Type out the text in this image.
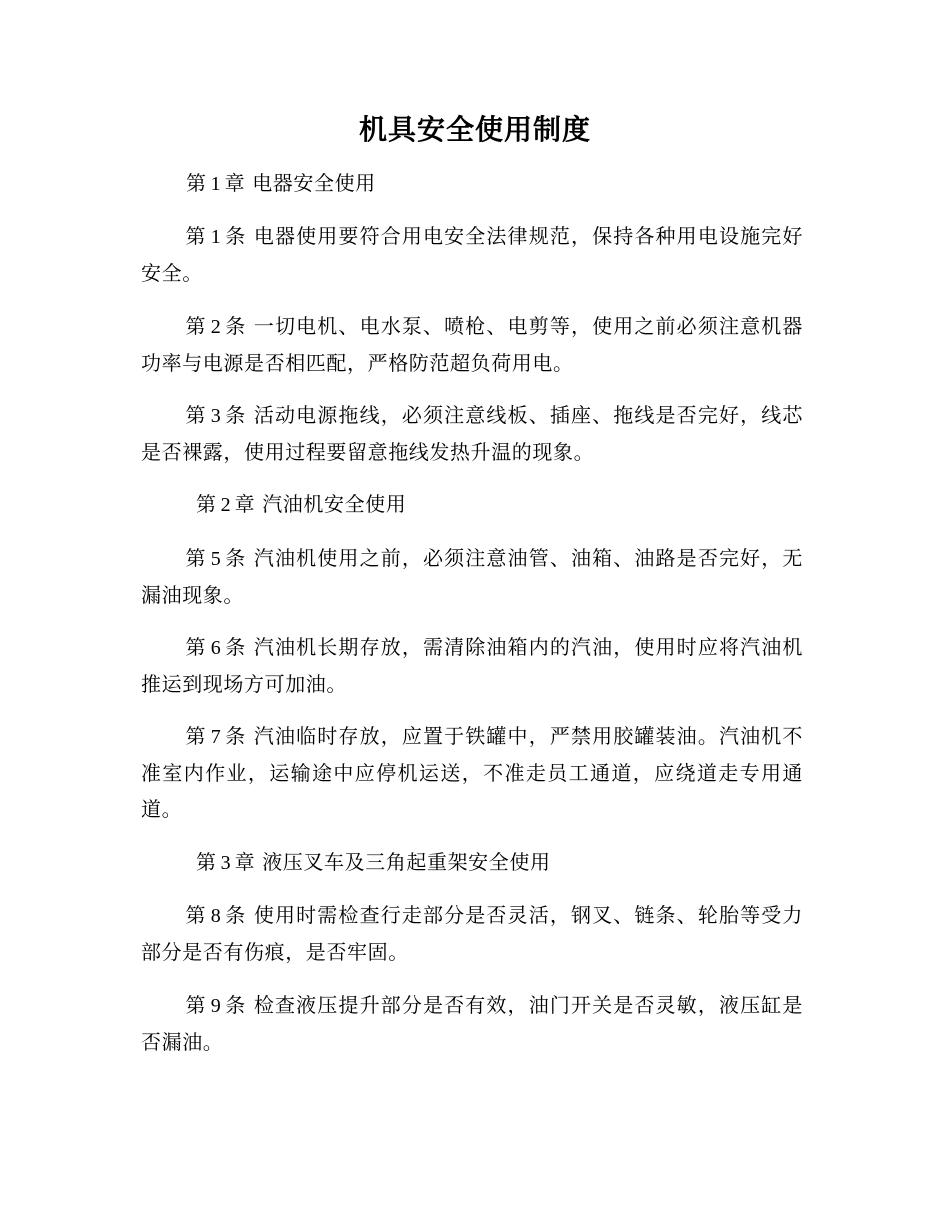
机具安全使用制度

第 1 章 电器安全使用

第 1 条 电器使用要符合用电安全法律规范，保持各种用电设施完好安全。

第 2 条 一切电机、电水泵、喷枪、电剪等，使用之前必须注意机器功率与电源是否相匹配，严格防范超负荷用电。

第 3 条 活动电源拖线，必须注意线板、插座、拖线是否完好，线芯是否裸露，使用过程要留意拖线发热升温的现象。

第 2 章 汽油机安全使用

第 5 条 汽油机使用之前，必须注意油管、油箱、油路是否完好，无漏油现象。

第 6 条 汽油机长期存放，需清除油箱内的汽油，使用时应将汽油机推运到现场方可加油。

第 7 条 汽油临时存放，应置于铁罐中，严禁用胶罐装油。汽油机不准室内作业，运输途中应停机运送，不准走员工通道，应绕道走专用通道。

第 3 章 液压叉车及三角起重架安全使用

第 8 条 使用时需检查行走部分是否灵活，钢叉、链条、轮胎等受力部分是否有伤痕，是否牢固。

第 9 条 检查液压提升部分是否有效，油门开关是否灵敏，液压缸是否漏油。
